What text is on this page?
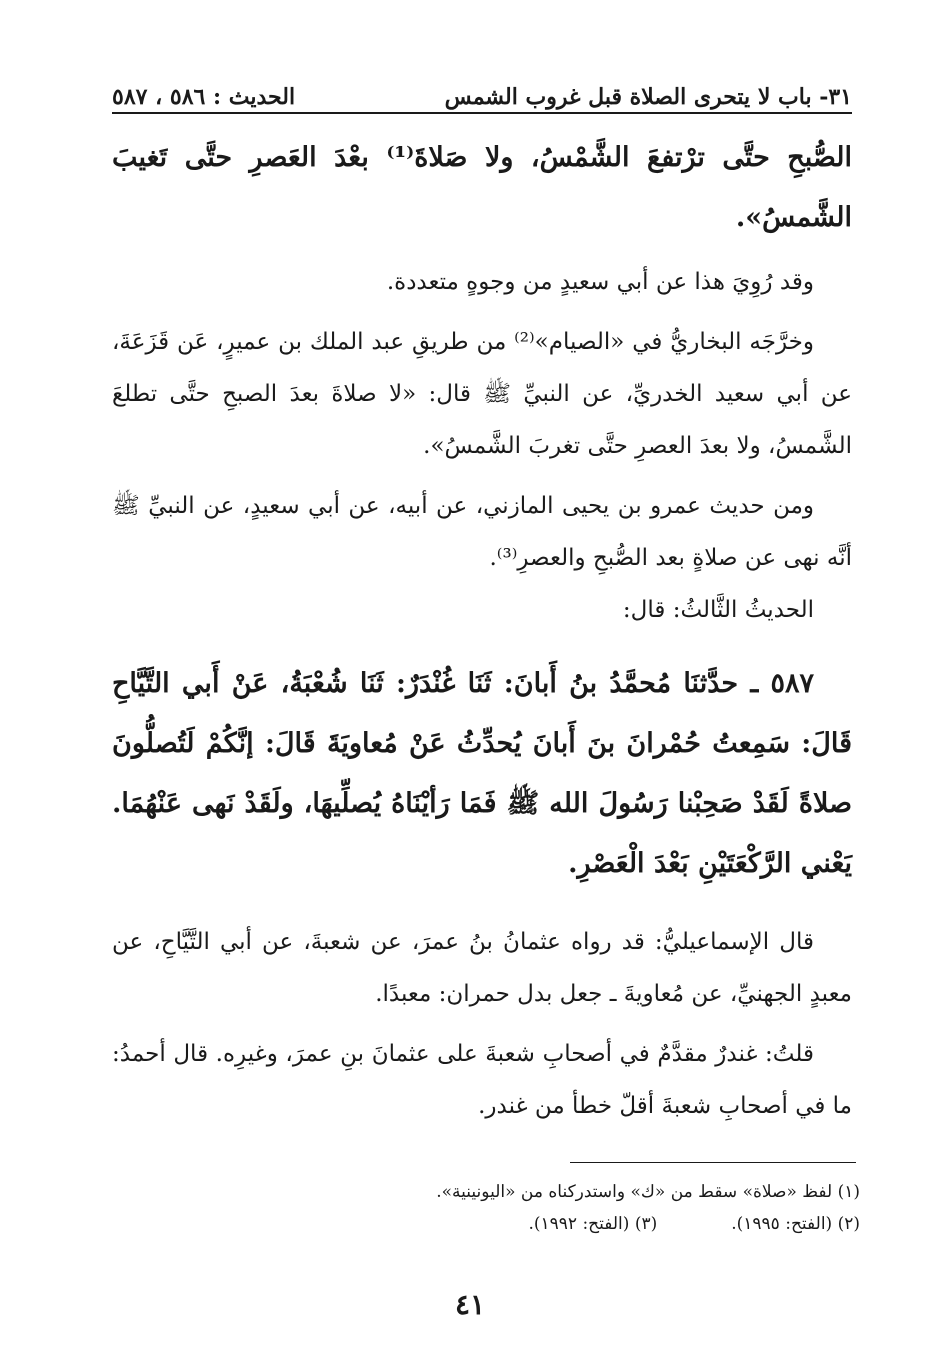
٣١- باب لا يتحرى الصلاة قبل غروب الشمس
الحديث : ٥٨٦ ، ٥٨٧

الصُّبحِ حتَّى ترْتفعَ الشَّمْسُ، ولا صَلاةَ⁽¹⁾ بعْدَ العَصرِ حتَّى تَغيبَ الشَّمسُ».

وقد رُوِيَ هذا عن أبي سعيدٍ من وجوهٍ متعددة.

وخرَّجَه البخاريُّ في «الصيام»⁽²⁾ من طريقِ عبد الملك بن عميرٍ، عَن قَزَعَةَ، عن أبي سعيد الخدريِّ، عن النبيِّ ﷺ قال: «لا صلاةَ بعدَ الصبحِ حتَّى تطلعَ الشَّمسُ، ولا بعدَ العصرِ حتَّى تغربَ الشَّمسُ».

ومن حديث عمرو بن يحيى المازني، عن أبيه، عن أبي سعيدٍ، عن النبيِّ ﷺ أنَّه نهى عن صلاةٍ بعد الصُّبحِ والعصرِ⁽³⁾.

الحديثُ الثَّالثُ: قال:

٥٨٧ ـ حدَّثنَا مُحمَّدُ بنُ أَبانَ: ثَنَا غُنْدَرٌ: ثَنَا شُعْبَةُ، عَنْ أَبي التَّيَّاحِ قَالَ: سَمِعتُ حُمْرانَ بنَ أَبانَ يُحدِّثُ عَنْ مُعاويَةَ قَالَ: إنَّكُمْ لَتُصلُّونَ صلاةً لَقَدْ صَحِبْنا رَسُولَ الله ﷺ فَمَا رَأيْنَاهُ يُصلِّيهَا، ولَقَدْ نَهى عَنْهُمَا. يَعْني الرَّكْعَتَيْنِ بَعْدَ الْعَصْرِ.

قال الإسماعيليُّ: قد رواه عثمانُ بنُ عمرَ، عن شعبةَ، عن أبي التَّيَّاحِ، عن معبدٍ الجهنيِّ، عن مُعاويةَ ـ جعل بدل حمران: معبدًا.

قلتُ: غندرٌ مقدَّمٌ في أصحابِ شعبةَ على عثمانَ بنِ عمرَ، وغيرِه. قال أحمدُ: ما في أصحابِ شعبةَ أقلّ خطأ من غندر.

(١) لفظ «صلاة» سقط من «ك» واستدركناه من «اليونينية».
(٢) (الفتح: ١٩٩٥).
(٣) (الفتح: ١٩٩٢).
٤١
